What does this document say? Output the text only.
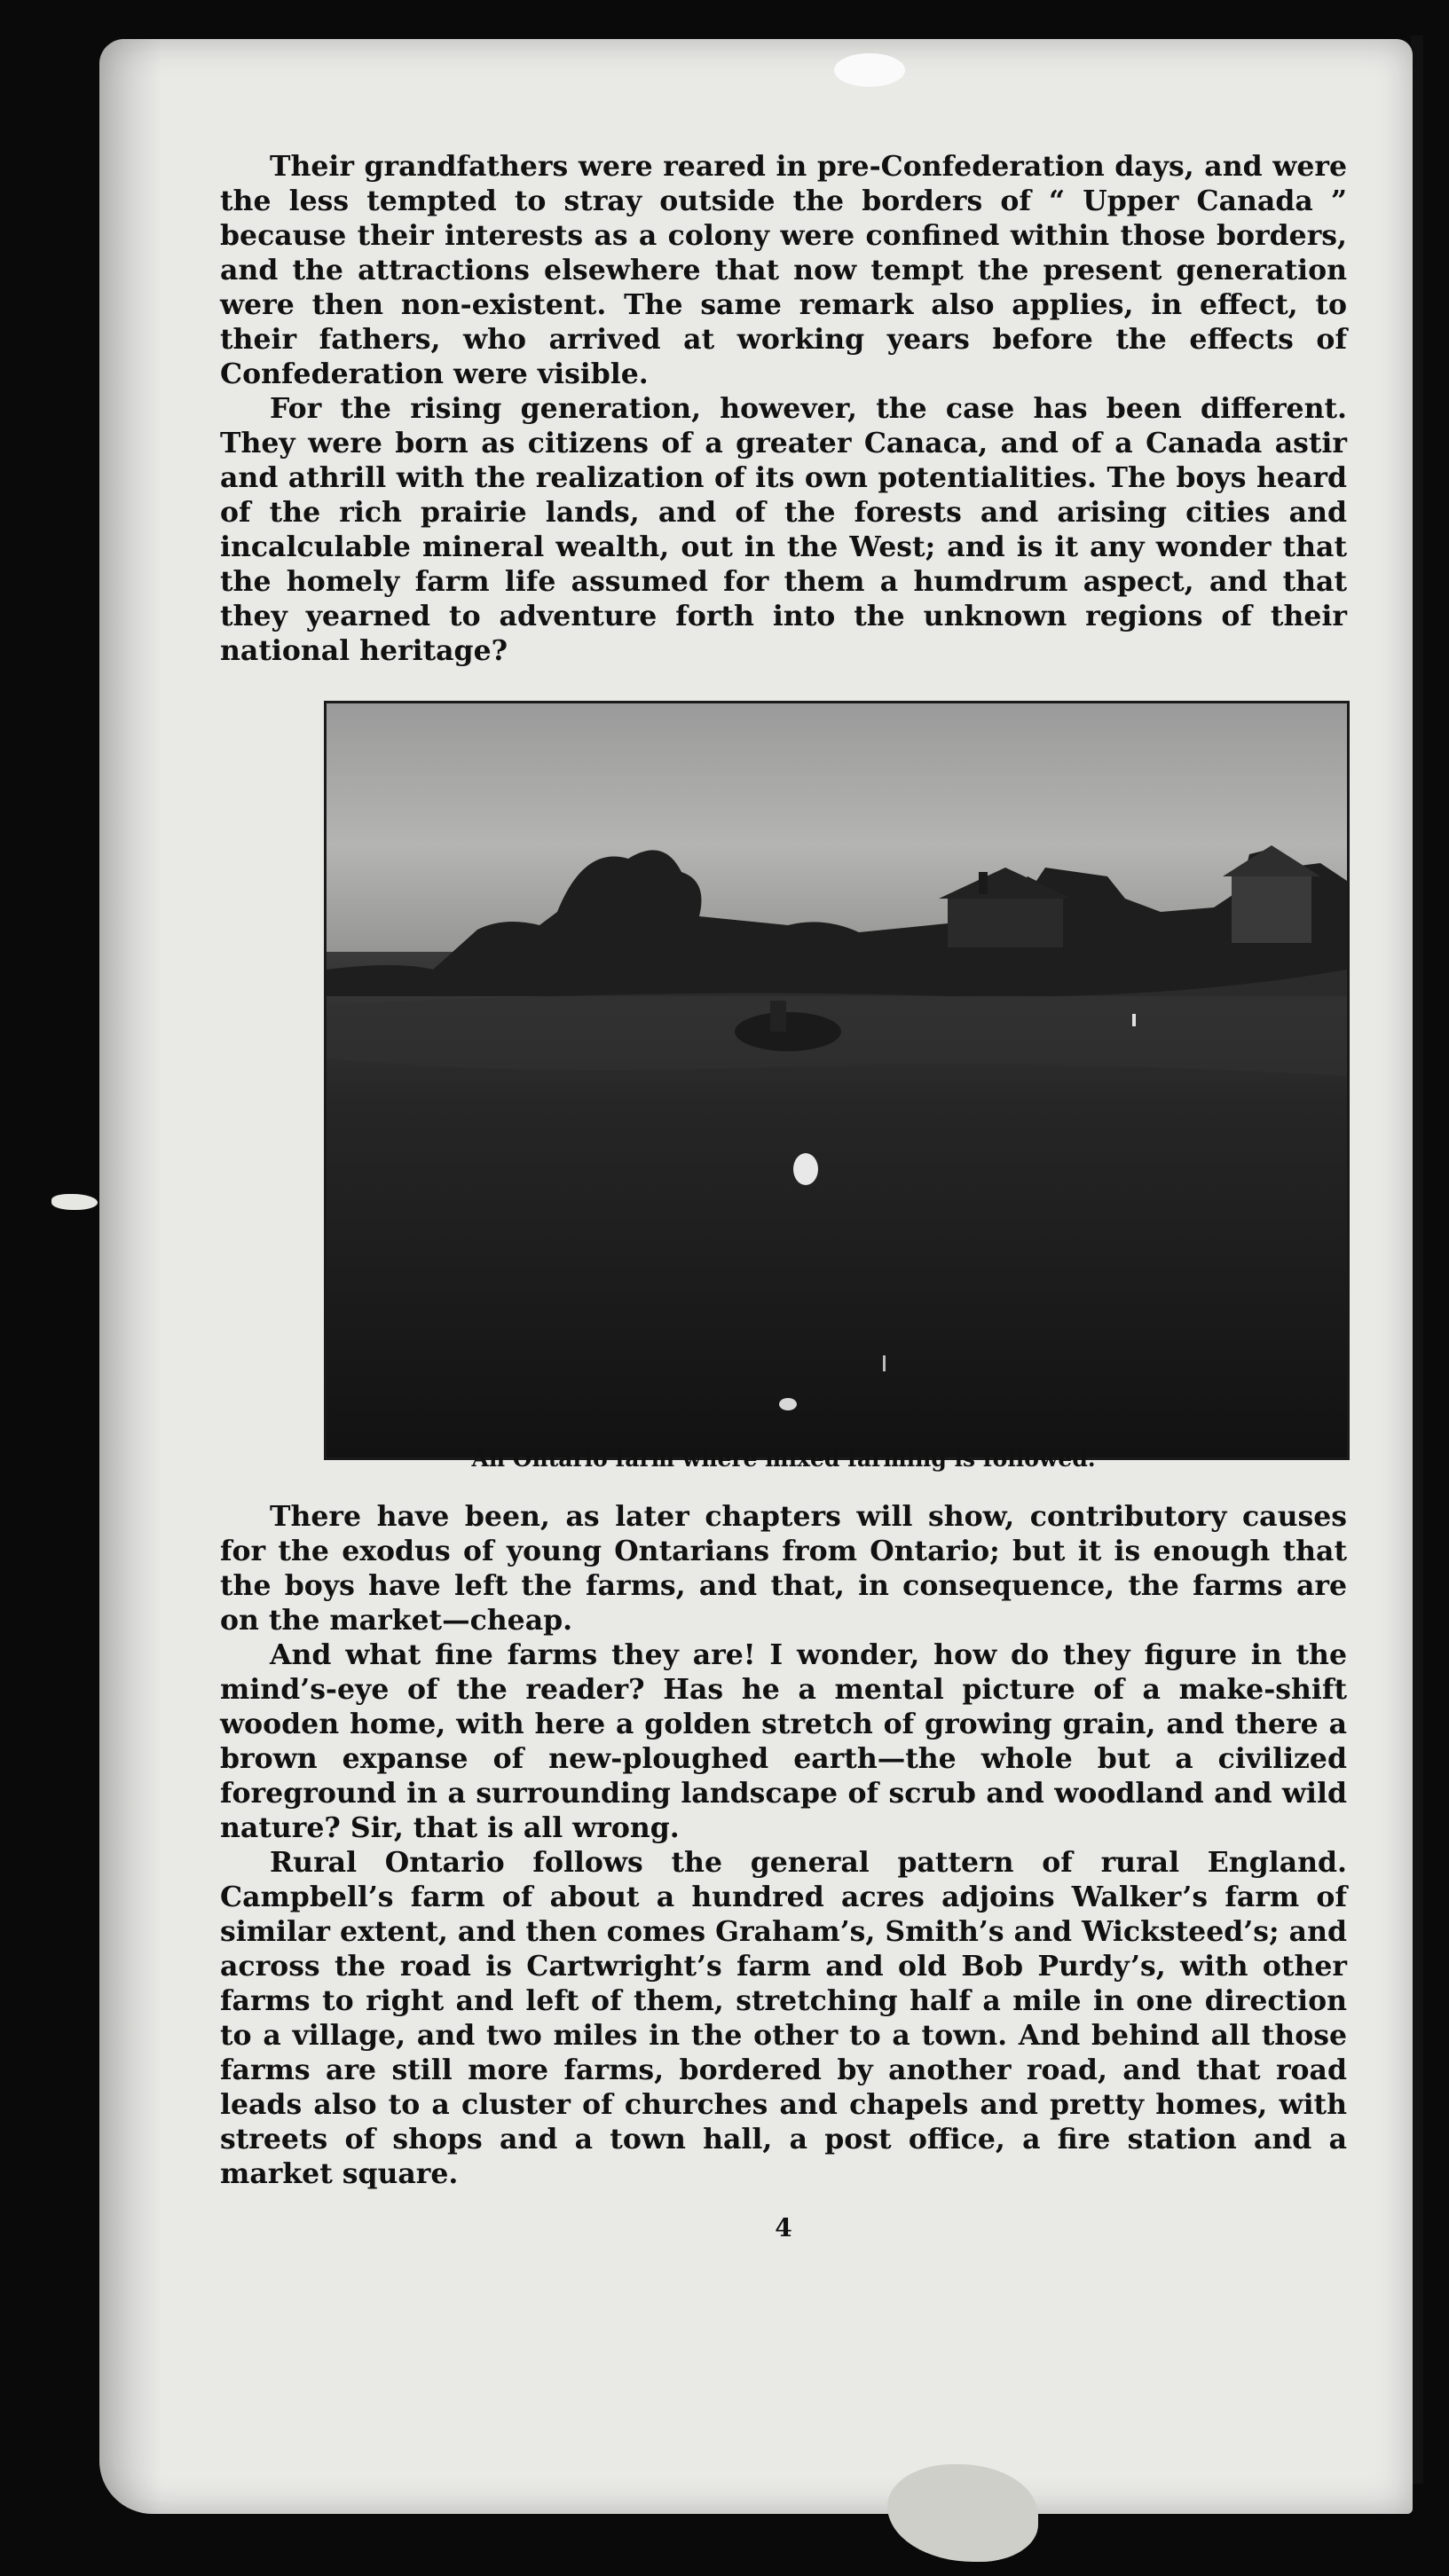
Their grandfathers were reared in pre-Confederation days, and were the less tempted to stray outside the borders of “ Upper Canada ” because their interests as a colony were confined within those borders, and the attractions elsewhere that now tempt the present generation were then non-existent. The same remark also applies, in effect, to their fathers, who arrived at working years before the effects of Confederation were visible.

For the rising generation, however, the case has been different. They were born as citizens of a greater Canaca, and of a Canada astir and athrill with the realization of its own potentialities. The boys heard of the rich prairie lands, and of the forests and arising cities and incalculable mineral wealth, out in the West; and is it any wonder that the homely farm life assumed for them a humdrum aspect, and that they yearned to adventure forth into the unknown regions of their national heritage?

An Ontario farm where mixed farming is followed.

There have been, as later chapters will show, contributory causes for the exodus of young Ontarians from Ontario; but it is enough that the boys have left the farms, and that, in consequence, the farms are on the market—cheap.

And what fine farms they are! I wonder, how do they figure in the mind’s-eye of the reader? Has he a mental picture of a make-shift wooden home, with here a golden stretch of growing grain, and there a brown expanse of new-ploughed earth—the whole but a civilized foreground in a surrounding landscape of scrub and woodland and wild nature? Sir, that is all wrong.

Rural Ontario follows the general pattern of rural England. Campbell’s farm of about a hundred acres adjoins Walker’s farm of similar extent, and then comes Graham’s, Smith’s and Wicksteed’s; and across the road is Cartwright’s farm and old Bob Purdy’s, with other farms to right and left of them, stretching half a mile in one direction to a village, and two miles in the other to a town. And behind all those farms are still more farms, bordered by another road, and that road leads also to a cluster of churches and chapels and pretty homes, with streets of shops and a town hall, a post office, a fire station and a market square.

4
